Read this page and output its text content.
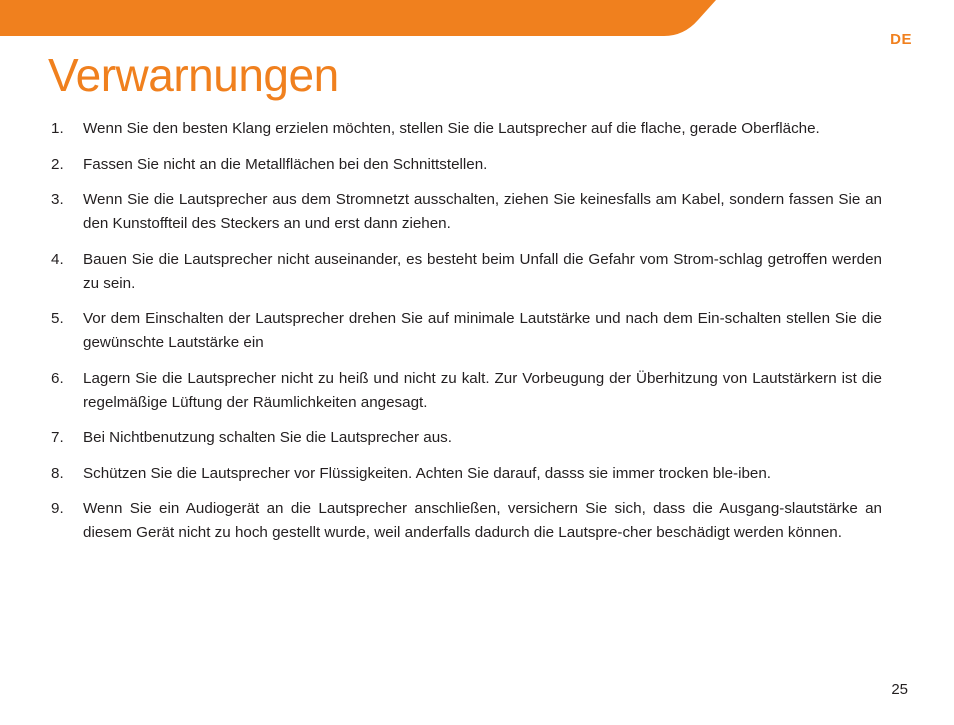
DE
Verwarnungen
1. Wenn Sie den besten Klang erzielen möchten, stellen Sie die Lautsprecher auf die flache, gerade Oberfläche.
2. Fassen Sie nicht an die Metallflächen bei den Schnittstellen.
3. Wenn Sie die Lautsprecher aus dem Stromnetzt ausschalten, ziehen Sie keinesfalls am Kabel, sondern fassen Sie an den Kunstoffteil des Steckers an und erst dann ziehen.
4. Bauen Sie die Lautsprecher nicht auseinander, es besteht beim Unfall die Gefahr vom Strom-schlag getroffen werden zu sein.
5. Vor dem Einschalten der Lautsprecher drehen Sie auf minimale Lautstärke und nach dem Ein-schalten stellen Sie die gewünschte Lautstärke ein
6. Lagern Sie die Lautsprecher nicht zu heiß und nicht zu kalt. Zur Vorbeugung der Überhitzung von Lautstärkern ist die regelmäßige Lüftung der Räumlichkeiten angesagt.
7. Bei Nichtbenutzung schalten Sie die Lautsprecher aus.
8. Schützen Sie die Lautsprecher vor Flüssigkeiten. Achten Sie darauf, dasss sie immer trocken ble-iben.
9. Wenn Sie ein Audiogerät an die Lautsprecher anschließen, versichern Sie sich, dass die Ausgang-slautstärke an diesem Gerät nicht zu hoch gestellt wurde, weil anderfalls dadurch die Lautspre-cher beschädigt werden können.
25
